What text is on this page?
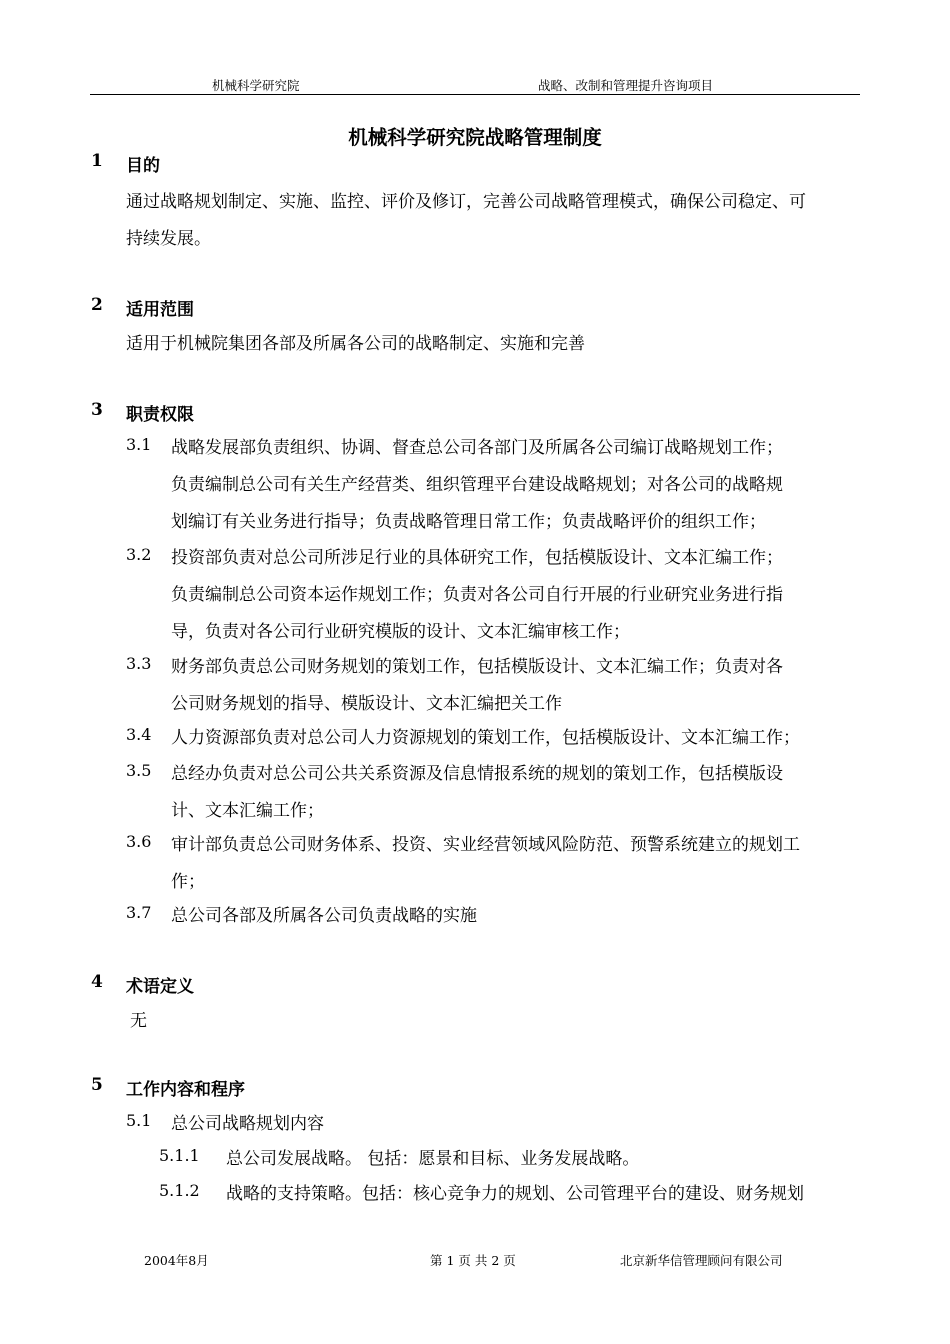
机械科学研究院	战略、改制和管理提升咨询项目
机械科学研究院战略管理制度
1 目的
通过战略规划制定、实施、监控、评价及修订，完善公司战略管理模式，确保公司稳定、可
持续发展。
2 适用范围
适用于机械院集团各部及所属各公司的战略制定、实施和完善
3 职责权限
3.1 战略发展部负责组织、协调、督查总公司各部门及所属各公司编订战略规划工作；
负责编制总公司有关生产经营类、组织管理平台建设战略规划；对各公司的战略规
划编订有关业务进行指导；负责战略管理日常工作；负责战略评价的组织工作；
3.2 投资部负责对总公司所涉足行业的具体研究工作，包括模版设计、文本汇编工作；
负责编制总公司资本运作规划工作；负责对各公司自行开展的行业研究业务进行指
导，负责对各公司行业研究模版的设计、文本汇编审核工作；
3.3 财务部负责总公司财务规划的策划工作，包括模版设计、文本汇编工作；负责对各
公司财务规划的指导、模版设计、文本汇编把关工作
3.4 人力资源部负责对总公司人力资源规划的策划工作，包括模版设计、文本汇编工作；
3.5 总经办负责对总公司公共关系资源及信息情报系统的规划的策划工作，包括模版设
计、文本汇编工作；
3.6 审计部负责总公司财务体系、投资、实业经营领域风险防范、预警系统建立的规划工
作；
3.7 总公司各部及所属各公司负责战略的实施
4 术语定义
无
5 工作内容和程序
5.1 总公司战略规划内容
5.1.1 总公司发展战略。 包括：愿景和目标、业务发展战略。
5.1.2 战略的支持策略。包括：核心竞争力的规划、公司管理平台的建设、财务规划
2004年8月	第 1 页 共 2 页	北京新华信管理顾问有限公司
